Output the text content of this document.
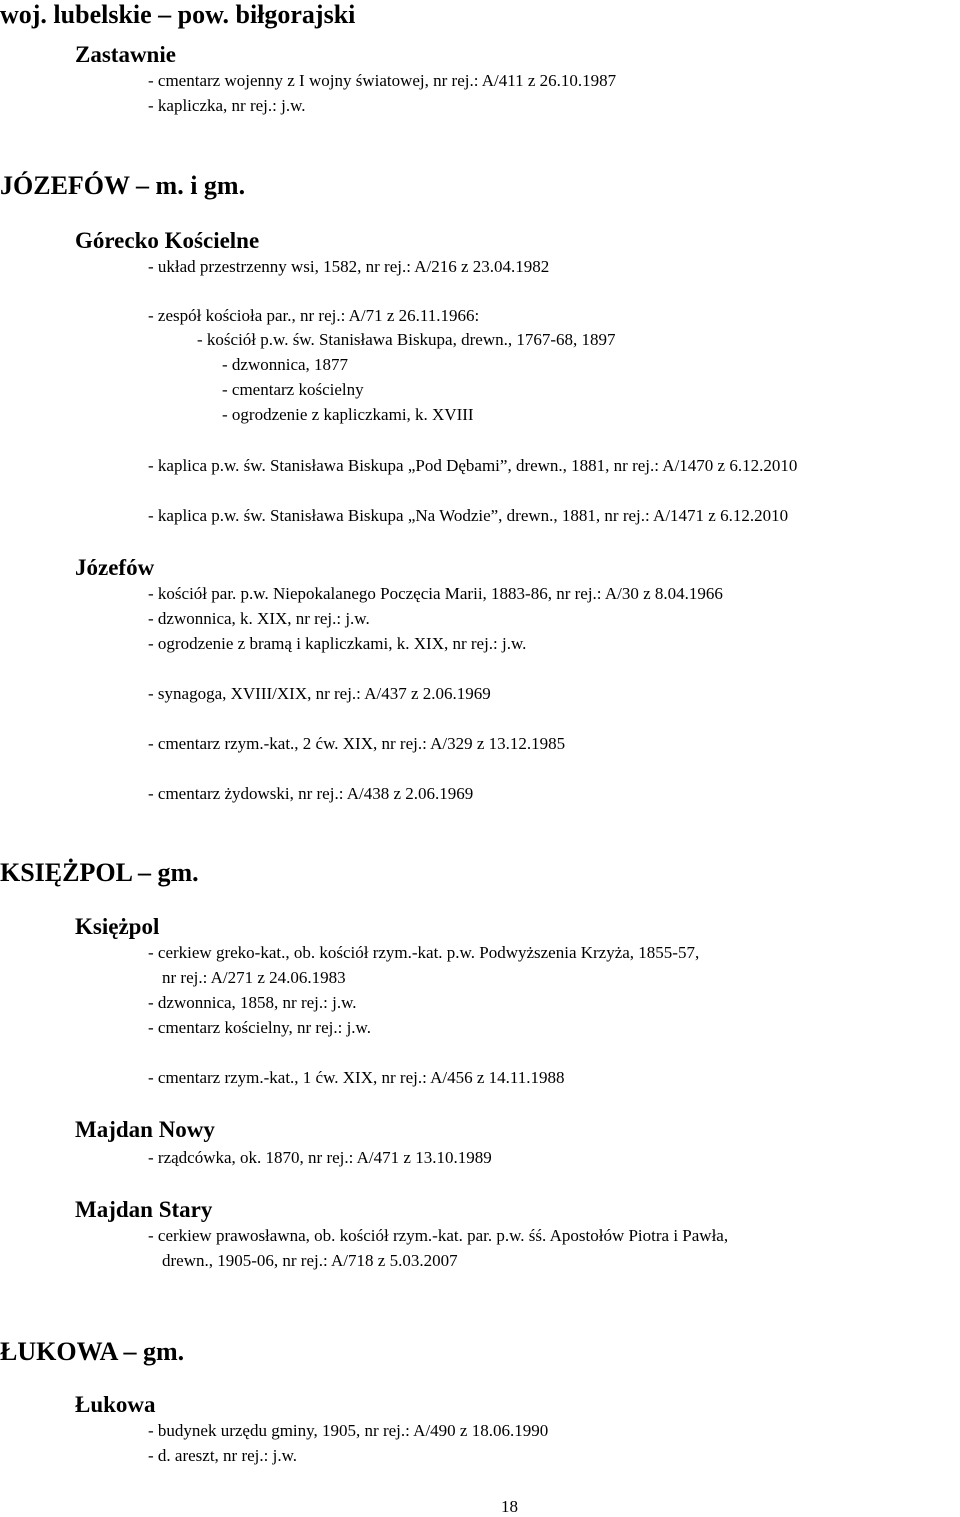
woj. lubelskie – pow. biłgorajski
Zastawnie
- cmentarz wojenny z I wojny światowej, nr rej.: A/411 z 26.10.1987
- kapliczka, nr rej.: j.w.
JÓZEFÓW – m. i gm.
Górecko Kościelne
- układ przestrzenny wsi, 1582, nr rej.: A/216 z 23.04.1982
- zespół kościoła par., nr rej.: A/71 z 26.11.1966:
- kościół p.w. św. Stanisława Biskupa, drewn., 1767-68, 1897
- dzwonnica, 1877
- cmentarz kościelny
- ogrodzenie z kapliczkami, k. XVIII
- kaplica p.w. św. Stanisława Biskupa „Pod Dębami”, drewn., 1881, nr rej.: A/1470 z 6.12.2010
- kaplica p.w. św. Stanisława Biskupa „Na Wodzie”, drewn., 1881, nr rej.: A/1471 z 6.12.2010
Józefów
- kościół par. p.w. Niepokalanego Poczęcia Marii, 1883-86, nr rej.: A/30 z 8.04.1966
- dzwonnica, k. XIX, nr rej.: j.w.
- ogrodzenie z bramą i kapliczkami, k. XIX, nr rej.: j.w.
- synagoga, XVIII/XIX, nr rej.: A/437 z 2.06.1969
- cmentarz rzym.-kat., 2 ćw. XIX, nr rej.: A/329 z 13.12.1985
- cmentarz żydowski, nr rej.: A/438 z 2.06.1969
KSIĘŻPOL – gm.
Księżpol
- cerkiew greko-kat., ob. kościół rzym.-kat. p.w. Podwyższenia Krzyża, 1855-57,
nr rej.: A/271 z 24.06.1983
- dzwonnica, 1858, nr rej.: j.w.
- cmentarz kościelny, nr rej.: j.w.
- cmentarz rzym.-kat., 1 ćw. XIX, nr rej.: A/456 z 14.11.1988
Majdan Nowy
- rządcówka, ok. 1870, nr rej.: A/471 z 13.10.1989
Majdan Stary
- cerkiew prawosławna, ob. kościół rzym.-kat. par. p.w. śś. Apostołów Piotra i Pawła,
drewn., 1905-06, nr rej.: A/718 z 5.03.2007
ŁUKOWA – gm.
Łukowa
- budynek urzędu gminy, 1905, nr rej.: A/490 z 18.06.1990
- d. areszt, nr rej.: j.w.
18
